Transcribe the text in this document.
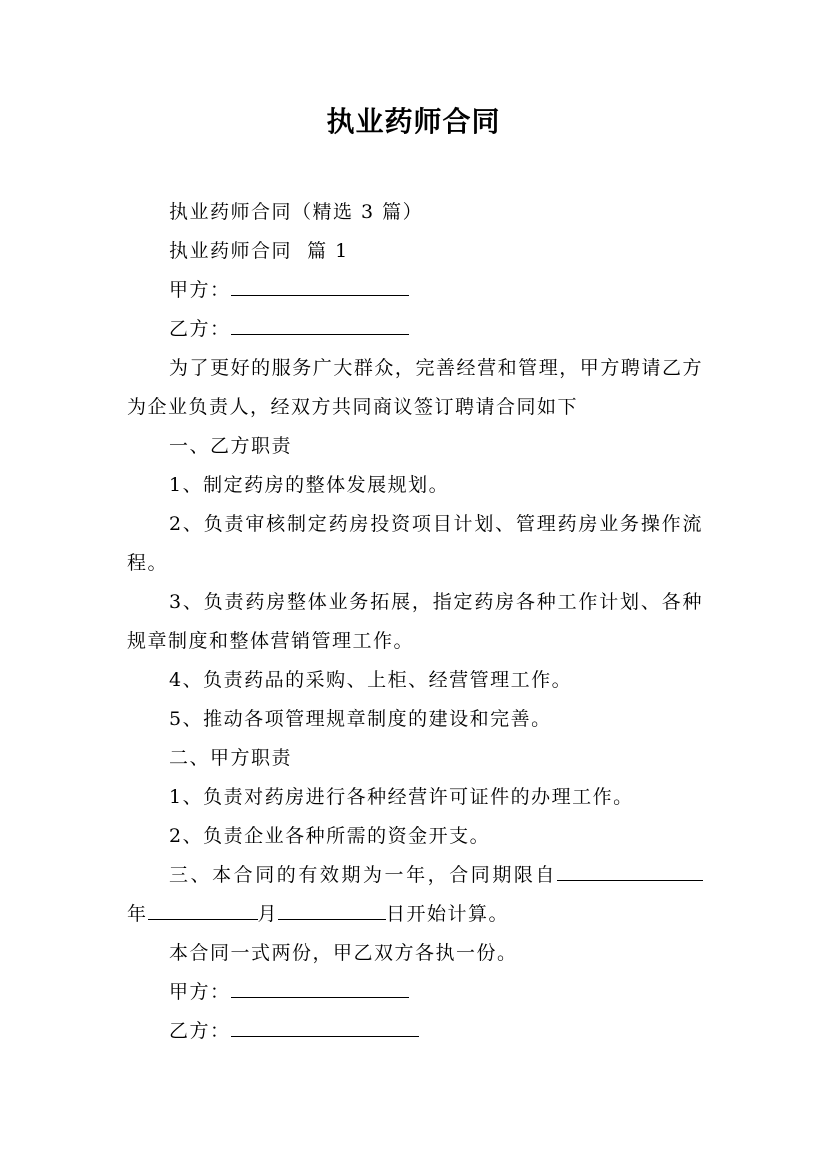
执业药师合同

执业药师合同（精选 3 篇）

执业药师合同  篇 1

甲方：

乙方：

为了更好的服务广大群众，完善经营和管理，甲方聘请乙方为企业负责人，经双方共同商议签订聘请合同如下

一、乙方职责

1、制定药房的整体发展规划。

2、负责审核制定药房投资项目计划、管理药房业务操作流程。

3、负责药房整体业务拓展，指定药房各种工作计划、各种规章制度和整体营销管理工作。

4、负责药品的采购、上柜、经营管理工作。

5、推动各项管理规章制度的建设和完善。

二、甲方职责

1、负责对药房进行各种经营许可证件的办理工作。

2、负责企业各种所需的资金开支。

三、本合同的有效期为一年，合同期限自年	月	日开始计算。

本合同一式两份，甲乙双方各执一份。

甲方：

乙方：
